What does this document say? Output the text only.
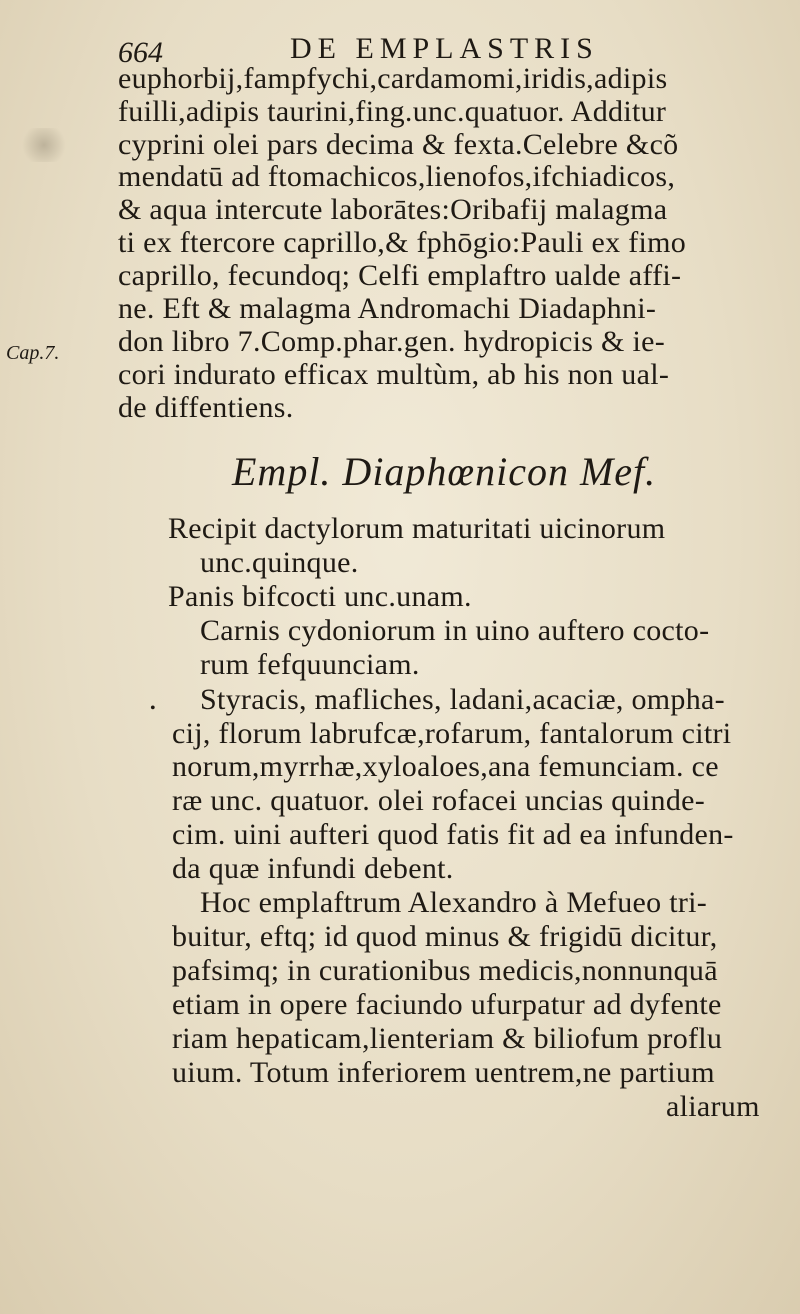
664	DE EMPLASTRIS
Cap.7.
•
euphorbij,fampfychi,cardamomi,iridis,adipis
fuilli,adipis taurini,fing.unc.quatuor. Additur
cyprini olei pars decima & fexta.Celebre &cõ
mendatū ad ftomachicos,lienofos,ifchiadicos,
& aqua intercute laborātes:Oribafij malagma
ti ex ftercore caprillo,& fphōgio:Pauli ex fimo
caprillo, fecundoq; Celfi emplaftro ualde affi-
ne. Eft & malagma Andromachi Diadaphni-
don libro 7.Comp.phar.gen. hydropicis & ie-
cori indurato efficax multùm, ab his non ual-
de diffentiens.
Empl. Diaphœnicon Mef.
Recipit dactylorum maturitati uicinorum
unc.quinque.
Panis bifcocti unc.unam.
Carnis cydoniorum in uino auftero cocto-
rum fefquunciam.
Styracis, mafliches, ladani,acaciæ, ompha-
cij, florum labrufcæ,rofarum, fantalorum citri
norum,myrrhæ,xyloaloes,ana femunciam. ce
ræ unc. quatuor. olei rofacei uncias quinde-
cim. uini aufteri quod fatis fit ad ea infunden-
da quæ infundi debent.
Hoc emplaftrum Alexandro à Mefueo tri-
buitur, eftq; id quod minus & frigidū dicitur,
pafsimq; in curationibus medicis,nonnunquā
etiam in opere faciundo ufurpatur ad dyfente
riam hepaticam,lienteriam & biliofum proflu
uium. Totum inferiorem uentrem,ne partium
aliarum
